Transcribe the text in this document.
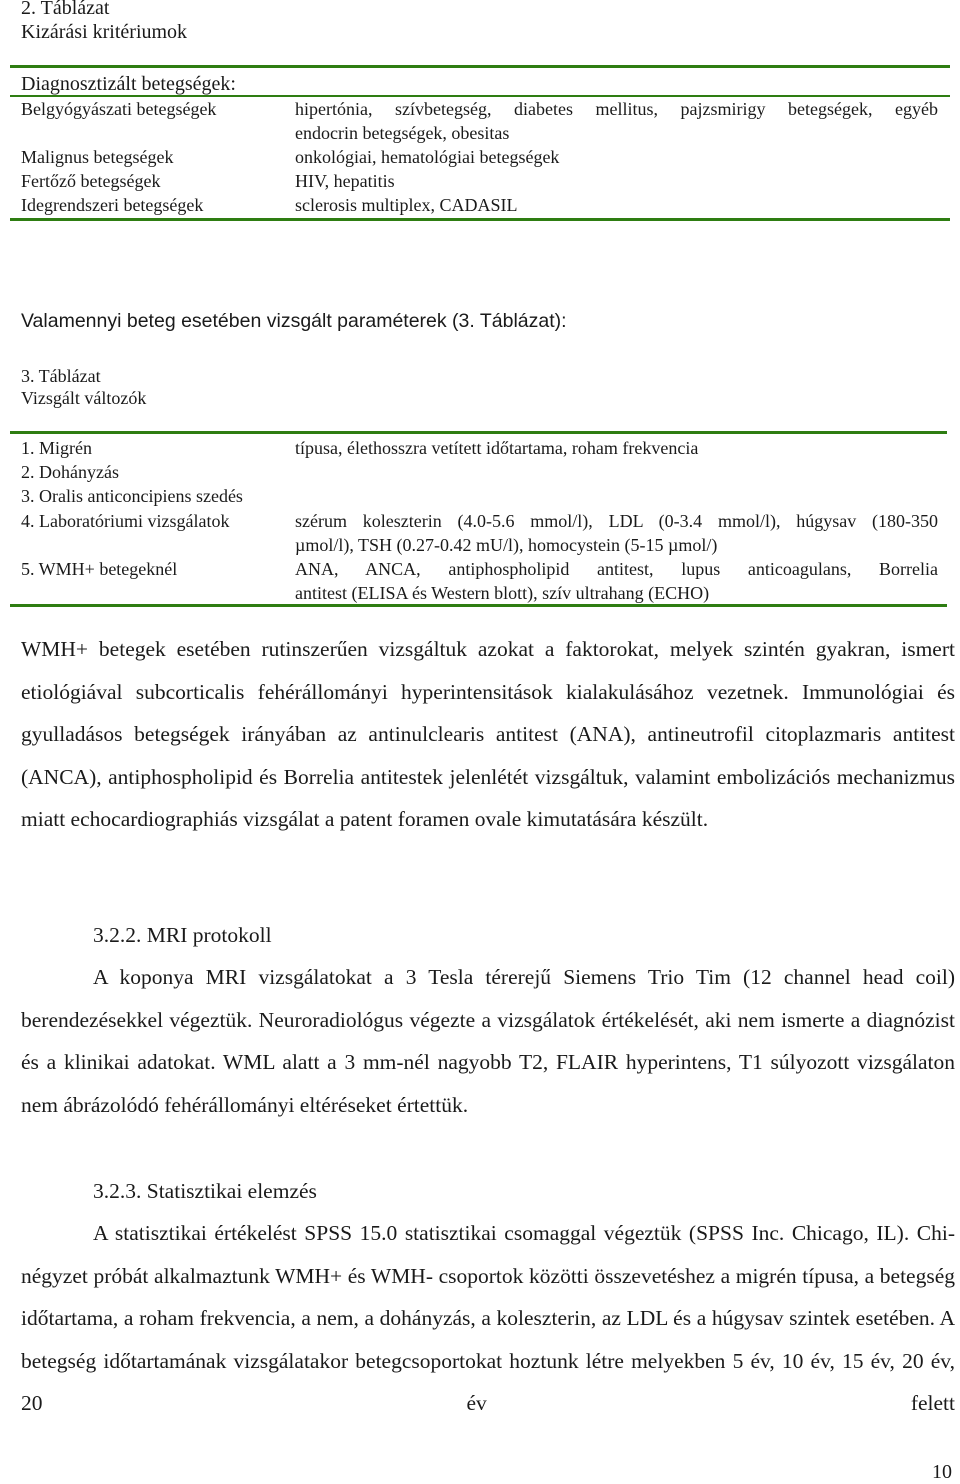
2. Táblázat
Kizárási kritériumok
Diagnosztizált betegségek:
Belgyógyászati betegségek	hipertónia, szívbetegség, diabetes mellitus, pajzsmirigy betegségek, egyéb
endocrin betegségek, obesitas
Malignus betegségek	onkológiai, hematológiai betegségek
Fertőző betegségek	HIV, hepatitis
Idegrendszeri betegségek	sclerosis multiplex, CADASIL
Valamennyi beteg esetében vizsgált paraméterek (3. Táblázat):
3. Táblázat
Vizsgált változók
1. Migrén	típusa, élethosszra vetített időtartama, roham frekvencia
2. Dohányzás
3. Oralis anticoncipiens szedés
4. Laboratóriumi vizsgálatok	szérum koleszterin (4.0-5.6 mmol/l), LDL (0-3.4 mmol/l), húgysav (180-350
µmol/l), TSH (0.27-0.42 mU/l), homocystein (5-15 µmol/)
5. WMH+ betegeknél	ANA, ANCA, antiphospholipid antitest, lupus anticoagulans, Borrelia
antitest (ELISA és Western blott), szív ultrahang (ECHO)

WMH+ betegek esetében rutinszerűen vizsgáltuk azokat a faktorokat, melyek szintén gyakran, ismert etiológiával subcorticalis fehérállományi hyperintensitások kialakulásához vezetnek. Immunológiai és gyulladásos betegségek irányában az antinulclearis antitest (ANA), antineutrofil citoplazmaris antitest (ANCA), antiphospholipid és Borrelia antitestek jelenlétét vizsgáltuk, valamint embolizációs mechanizmus miatt echocardiographiás vizsgálat a patent foramen ovale kimutatására készült.

3.2.2. MRI protokoll

A koponya MRI vizsgálatokat a 3 Tesla térerejű Siemens Trio Tim (12 channel head coil) berendezésekkel végeztük. Neuroradiológus végezte a vizsgálatok értékelését, aki nem ismerte a diagnózist és a klinikai adatokat. WML alatt a 3 mm-nél nagyobb T2, FLAIR hyperintens, T1 súlyozott vizsgálaton nem ábrázolódó fehérállományi eltéréseket értettük.

3.2.3. Statisztikai elemzés

A statisztikai értékelést SPSS 15.0 statisztikai csomaggal végeztük (SPSS Inc. Chicago, IL). Chi-négyzet próbát alkalmaztunk WMH+ és WMH- csoportok közötti összevetéshez a migrén típusa, a betegség időtartama, a roham frekvencia, a nem, a dohányzás, a koleszterin, az LDL és a húgysav szintek esetében. A betegség időtartamának vizsgálatakor betegcsoportokat hoztunk létre melyekben 5 év, 10 év, 15 év, 20 év, 20 év felett

10
